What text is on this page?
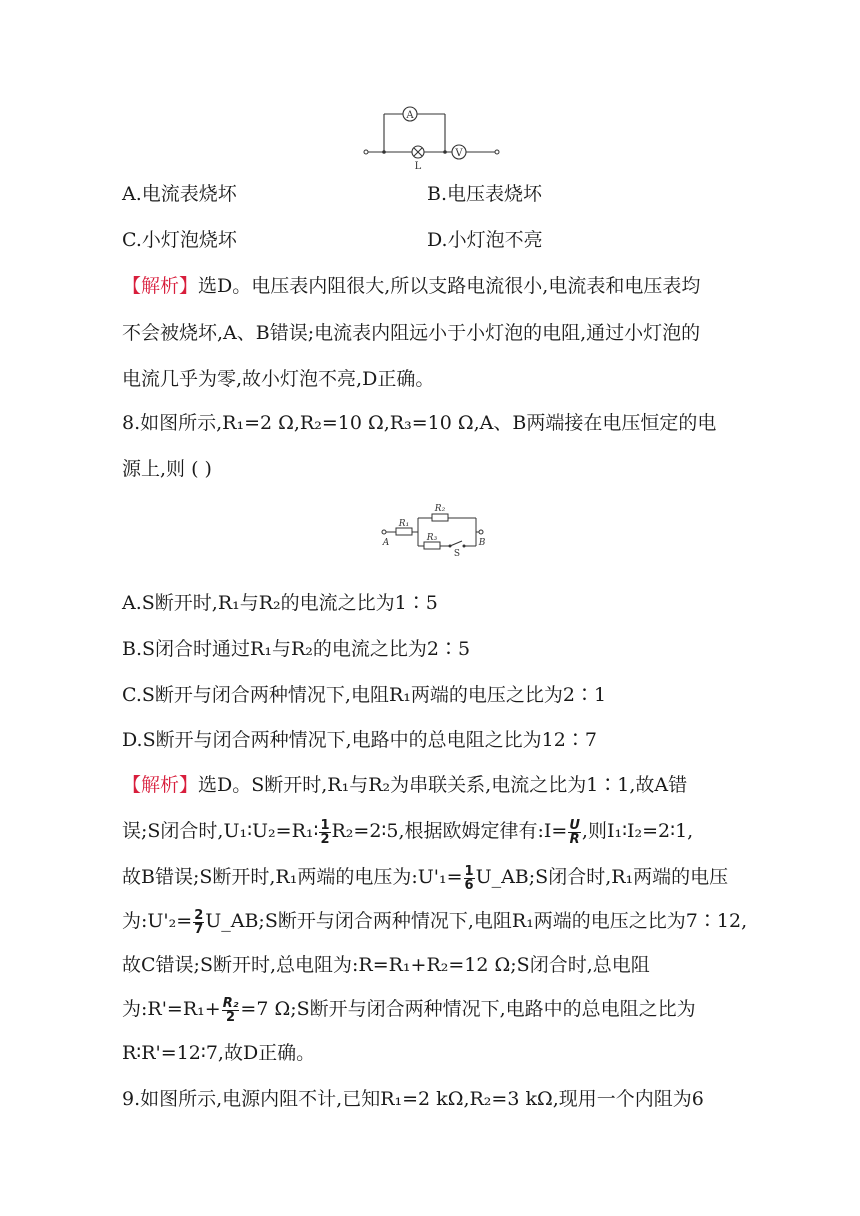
A
L
V
A.电流表烧坏	B.电压表烧坏
C.小灯泡烧坏	D.小灯泡不亮
【解析】选D。电压表内阻很大,所以支路电流很小,电流表和电压表均
不会被烧坏,A、B错误;电流表内阻远小于小灯泡的电阻,通过小灯泡的
电流几乎为零,故小灯泡不亮,D正确。
8.如图所示,R₁=2 Ω,R₂=10 Ω,R₃=10 Ω,A、B两端接在电压恒定的电
源上,则 ( )
R₁
R₂
R₃
A	B
S
A.S断开时,R₁与R₂的电流之比为1∶5
B.S闭合时通过R₁与R₂的电流之比为2∶5
C.S断开与闭合两种情况下,电阻R₁两端的电压之比为2∶1
D.S断开与闭合两种情况下,电路中的总电阻之比为12∶7
【解析】选D。S断开时,R₁与R₂为串联关系,电流之比为1∶1,故A错
误;S闭合时,U₁∶U₂=R₁∶ $\frac{1}{2}$ R₂=2∶5,根据欧姆定律有:I= $\frac{U}{R}$ ,则I₁∶I₂=2∶1,
故B错误;S断开时,R₁两端的电压为:U'₁= $\frac{1}{6}$ U_AB;S闭合时,R₁两端的电压
为:U'₂= $\frac{2}{7}$ U_AB;S断开与闭合两种情况下,电阻R₁两端的电压之比为7∶12,
故C错误;S断开时,总电阻为:R=R₁+R₂=12 Ω;S闭合时,总电阻
为:R'=R₁+ $\frac{\text{R₂}}{2} =7$ Ω;S断开与闭合两种情况下,电路中的总电阻之比为
R∶R'=12∶7,故D正确。
9.如图所示,电源内阻不计,已知R₁=2 kΩ,R₂=3 kΩ,现用一个内阻为6
